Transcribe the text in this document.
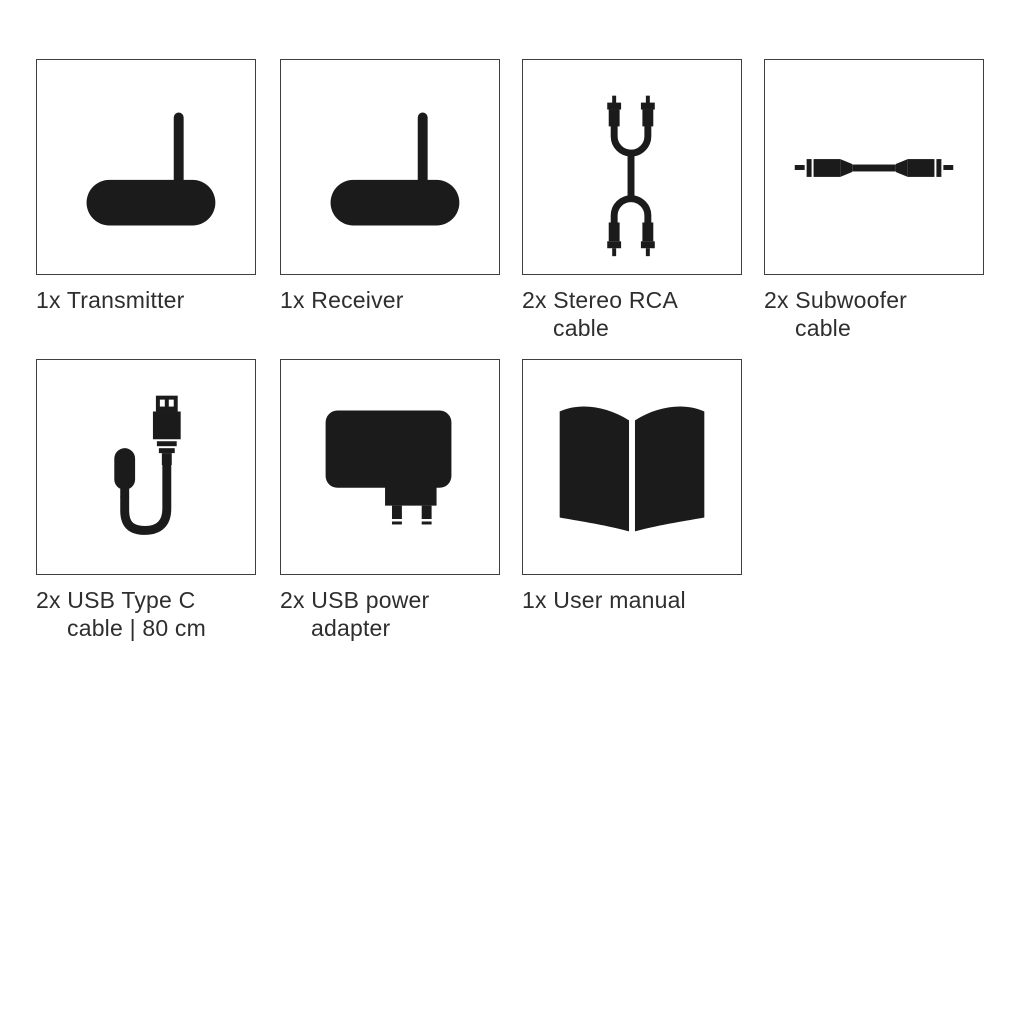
1x Transmitter	1x Receiver	2x Stereo RCA
cable
2x Subwoofer
cable
2x USB Type C
cable | 80 cm
2x USB power
adapter
1x User manual
